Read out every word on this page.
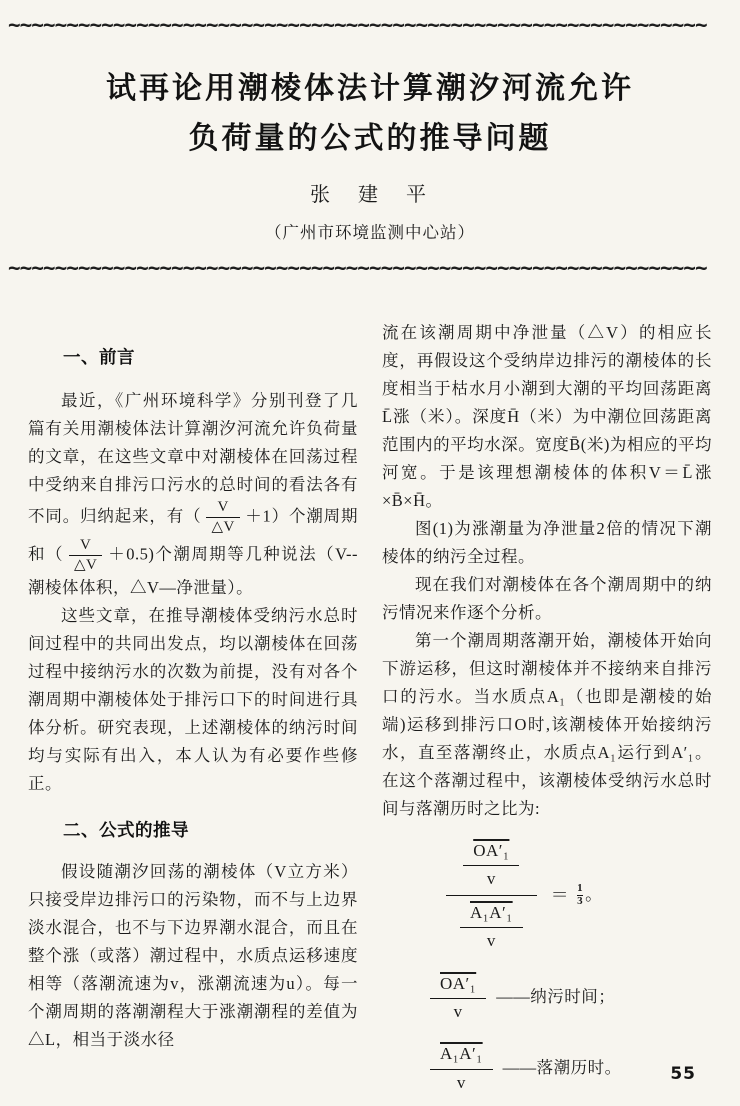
~~~~~~~~~~~~~~~~~~~~~~~~~~~~~~~~~~~~~~~~~~~~~~~~~~~~~~~~~~~~
试再论用潮棱体法计算潮汐河流允许
负荷量的公式的推导问题
张　建　平
（广州市环境监测中心站）
~~~~~~~~~~~~~~~~~~~~~~~~~~~~~~~~~~~~~~~~~~~~~~~~~~~~~~~~~~~~
一、前言

最近，《广州环境科学》分别刊登了几篇有关用潮棱体法计算潮汐河流允许负荷量的文章，在这些文章中对潮棱体在回荡过程中受纳来自排污口污水的总时间的看法各有不同。归纳起来，有（ $\frac{V}{\triangle V} +1$）个潮周期和（ $\frac{V}{\triangle V} +0.5$)个潮周期等几种说法（V--潮棱体体积，△V—净泄量）。

这些文章，在推导潮棱体受纳污水总时间过程中的共同出发点，均以潮棱体在回荡过程中接纳污水的次数为前提，没有对各个潮周期中潮棱体处于排污口下的时间进行具体分析。研究表现，上述潮棱体的纳污时间均与实际有出入，本人认为有必要作些修正。

二、公式的推导

假设随潮汐回荡的潮棱体（V立方米）只接受岸边排污口的污染物，而不与上边界淡水混合，也不与下边界潮水混合，而且在整个涨（或落）潮过程中，水质点运移速度相等（落潮流速为v，涨潮流速为u）。每一个潮周期的落潮潮程大于涨潮潮程的差值为△L，相当于淡水径

流在该潮周期中净泄量（△V）的相应长度，再假设这个受纳岸边排污的潮棱体的长度相当于枯水月小潮到大潮的平均回荡距离L̄涨（米）。深度H̄（米）为中潮位回荡距离范围内的平均水深。宽度B̄(米)为相应的平均河宽。于是该理想潮棱体的体积V＝L̄涨×B̄×H̄。

图(1)为涨潮量为净泄量2倍的情况下潮棱体的纳污全过程。

现在我们对潮棱体在各个潮周期中的纳污情况来作逐个分析。

第一个潮周期落潮开始，潮棱体开始向下游运移，但这时潮棱体并不接纳来自排污口的污水。当水质点A₁（也即是潮棱的始端)运移到排污口O时,该潮棱体开始接纳污水，直至落潮终止，水质点A₁运行到A′₁。在这个落潮过程中，该潮棱体受纳污水总时间与落潮历时之比为:

$\frac{\frac{\text{OA′₁}}{v}}{\frac{\text{A₁A′₁}}{v}} = \frac{1}{3}$ 。
$\frac{\text{OA′₁}}{v}$ ——纳污时间；
$\frac{\text{A₁A′₁}}{v}$ ——落潮历时。	55
